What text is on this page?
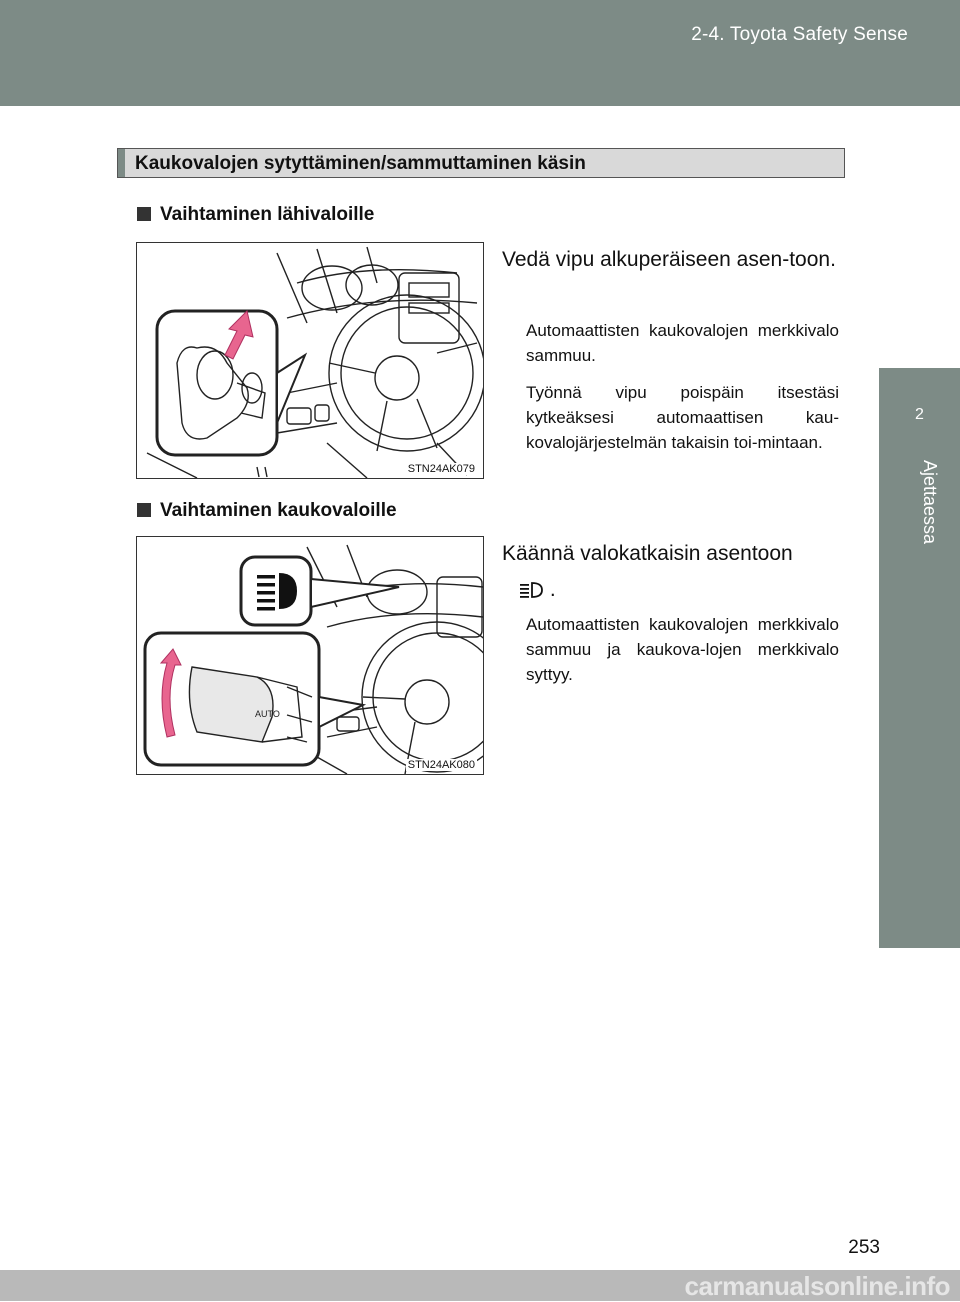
2-4. Toyota Safety Sense
2
Ajettaessa
Kaukovalojen sytyttäminen/sammuttaminen käsin
Vaihtaminen lähivaloille
STN24AK079
Vedä vipu alkuperäiseen asen-toon.
Automaattisten kaukovalojen merkkivalo sammuu.
Työnnä vipu poispäin itsestäsi kytkeäksesi automaattisen kau-kovalojärjestelmän takaisin toi-mintaan.
Vaihtaminen kaukovaloille
AUTO
STN24AK080
Käännä valokatkaisin asentoon
.
Automaattisten kaukovalojen merkkivalo sammuu ja kaukova-lojen merkkivalo syttyy.
253
carmanualsonline.info
